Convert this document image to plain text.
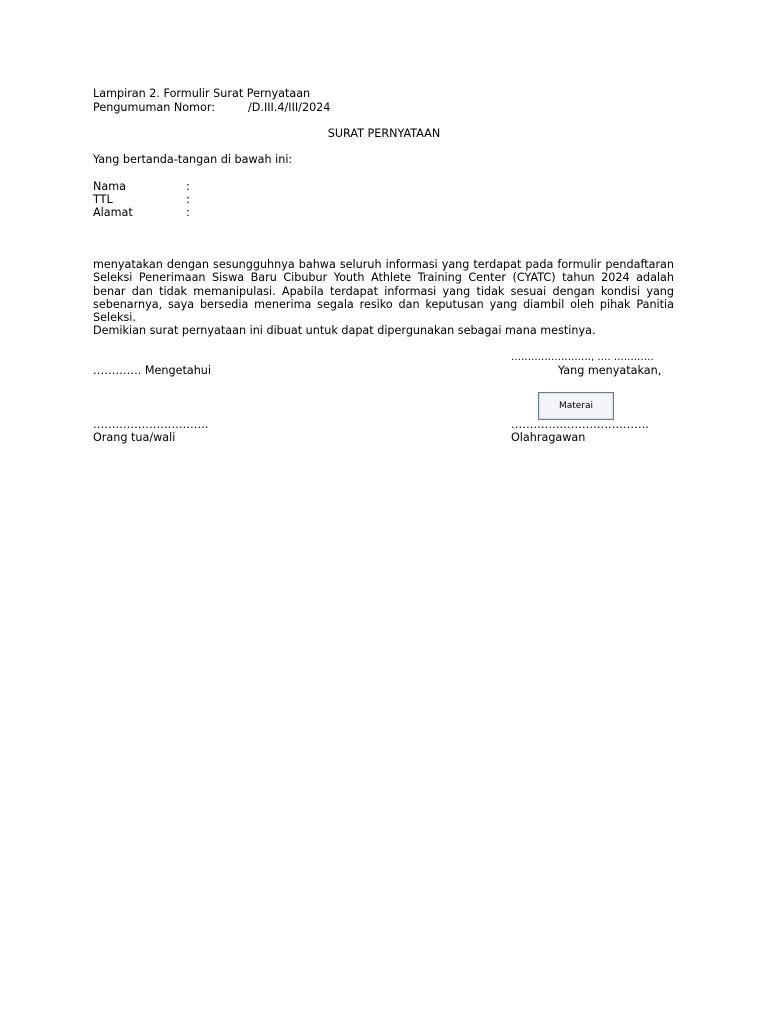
Lampiran 2. Formulir Surat Pernyataan
Pengumuman Nomor:	/D.III.4/III/2024
SURAT PERNYATAAN
Yang bertanda-tangan di bawah ini:
Nama	:
TTL	:
Alamat	:
menyatakan dengan sesungguhnya bahwa seluruh informasi yang terdapat pada formulir pendaftaran Seleksi Penerimaan Siswa Baru Cibubur Youth Athlete Training Center (CYATC) tahun 2024 adalah benar dan tidak memanipulasi. Apabila terdapat informasi yang tidak sesuai dengan kondisi yang sebenarnya, saya bersedia menerima segala resiko dan keputusan yang diambil oleh pihak Panitia Seleksi.
Demikian surat pernyataan ini dibuat untuk dapat dipergunakan sebagai mana mestinya.
……………………, …. …………
…………. Mengetahui	Yang menyatakan,
Materai
………………………….	……………………………….
Orang tua/wali	Olahragawan
